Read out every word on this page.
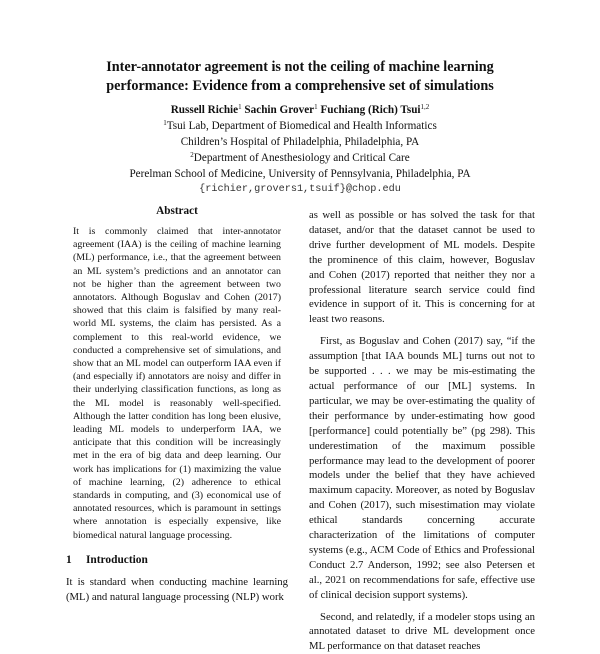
Inter-annotator agreement is not the ceiling of machine learning
performance: Evidence from a comprehensive set of simulations
Russell Richie$^1$ Sachin Grover$^1$ Fuchiang (Rich) Tsui$^{1,2}$
$^1$Tsui Lab, Department of Biomedical and Health Informatics
Children’s Hospital of Philadelphia, Philadelphia, PA
$^2$Department of Anesthesiology and Critical Care
Perelman School of Medicine, University of Pennsylvania, Philadelphia, PA
{richier,grovers1,tsuif}@chop.edu
Abstract

It is commonly claimed that inter-annotator agreement (IAA) is the ceiling of machine learning (ML) performance, i.e., that the agreement between an ML system’s predictions and an annotator can not be higher than the agreement between two annotators. Although Boguslav and Cohen (2017) showed that this claim is falsified by many real-world ML systems, the claim has persisted. As a complement to this real-world evidence, we conducted a comprehensive set of simulations, and show that an ML model can outperform IAA even if (and especially if) annotators are noisy and differ in their underlying classification functions, as long as the ML model is reasonably well-specified. Although the latter condition has long been elusive, leading ML models to underperform IAA, we anticipate that this condition will be increasingly met in the era of big data and deep learning. Our work has implications for (1) maximizing the value of machine learning, (2) adherence to ethical standards in computing, and (3) economical use of annotated resources, which is paramount in settings where annotation is especially expensive, like biomedical natural language processing.

1 Introduction

It is standard when conducting machine learning (ML) and natural language processing (NLP) work

as well as possible or has solved the task for that dataset, and/or that the dataset cannot be used to drive further development of ML models. Despite the prominence of this claim, however, Boguslav and Cohen (2017) reported that neither they nor a professional literature search service could find evidence in support of it. This is concerning for at least two reasons.

First, as Boguslav and Cohen (2017) say, “if the assumption [that IAA bounds ML] turns out not to be supported . . . we may be mis-estimating the actual performance of our [ML] systems. In particular, we may be over-estimating the quality of their performance by under-estimating how good [performance] could potentially be” (pg 298). This underestimation of the maximum possible performance may lead to the development of poorer models under the belief that they have achieved maximum capacity. Moreover, as noted by Boguslav and Cohen (2017), such misestimation may violate ethical standards concerning accurate characterization of the limitations of computer systems (e.g., ACM Code of Ethics and Professional Conduct 2.7 Anderson, 1992; see also Petersen et al., 2021 on recommendations for safe, effective use of clinical decision support systems).

Second, and relatedly, if a modeler stops using an annotated dataset to drive ML development once ML performance on that dataset reaches
